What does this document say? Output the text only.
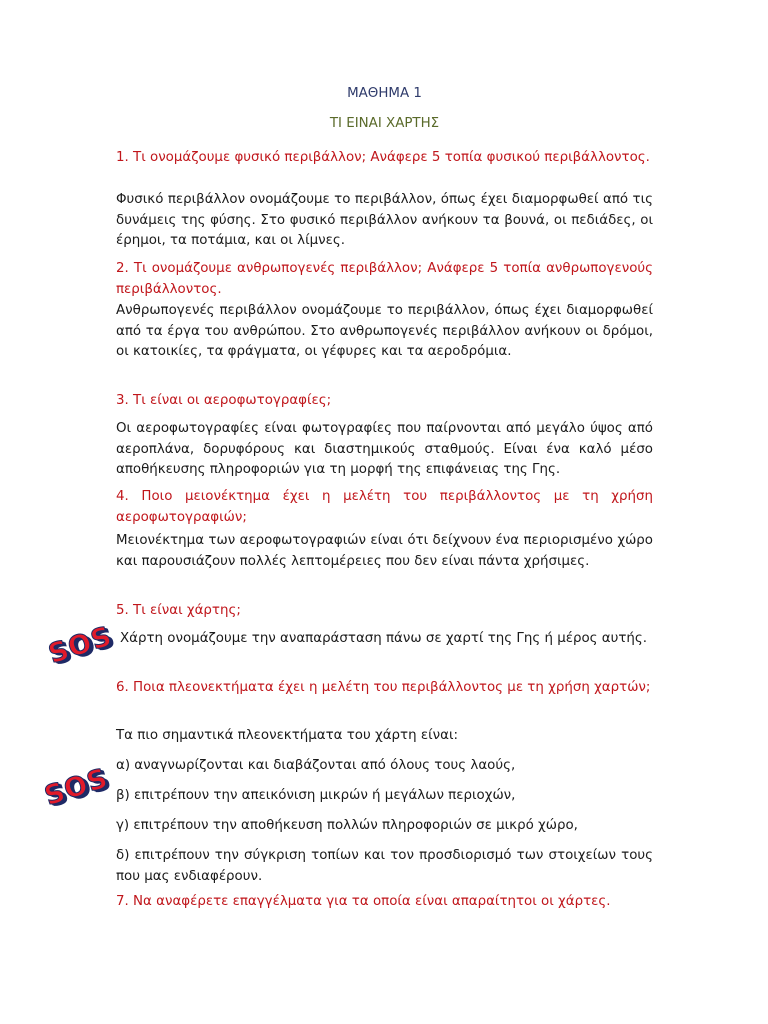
ΜΑΘΗΜΑ 1
ΤΙ ΕΙΝΑΙ ΧΑΡΤΗΣ
1. Τι ονομάζουμε φυσικό περιβάλλον; Ανάφερε 5 τοπία φυσικού περιβάλλοντος.
Φυσικό περιβάλλον ονομάζουμε το περιβάλλον, όπως έχει διαμορφωθεί από τις δυνάμεις της φύσης. Στο φυσικό περιβάλλον ανήκουν τα βουνά, οι πεδιάδες, οι έρημοι, τα ποτάμια, και οι λίμνες.
2. Τι ονομάζουμε ανθρωπογενές περιβάλλον; Ανάφερε 5 τοπία ανθρωπογενούς περιβάλλοντος.
Ανθρωπογενές περιβάλλον ονομάζουμε το περιβάλλον, όπως έχει διαμορφωθεί από τα έργα του ανθρώπου. Στο ανθρωπογενές περιβάλλον ανήκουν οι δρόμοι, οι κατοικίες, τα φράγματα, οι γέφυρες και τα αεροδρόμια.
3. Τι είναι οι αεροφωτογραφίες;
Οι αεροφωτογραφίες είναι φωτογραφίες που παίρνονται από μεγάλο ύψος από αεροπλάνα, δορυφόρους και διαστημικούς σταθμούς. Είναι ένα καλό μέσο αποθήκευσης πληροφοριών για τη μορφή της επιφάνειας της Γης.
4. Ποιο μειονέκτημα έχει η μελέτη του περιβάλλοντος με τη χρήση αεροφωτογραφιών;
Μειονέκτημα των αεροφωτογραφιών είναι ότι δείχνουν ένα περιορισμένο χώρο και παρουσιάζουν πολλές λεπτομέρειες που δεν είναι πάντα χρήσιμες.
5. Τι είναι χάρτης;
Χάρτη ονομάζουμε την αναπαράσταση πάνω σε χαρτί της Γης ή μέρος αυτής.
6. Ποια πλεονεκτήματα έχει η μελέτη του περιβάλλοντος με τη χρήση χαρτών;
Τα πιο σημαντικά πλεονεκτήματα του χάρτη είναι:
α) αναγνωρίζονται και διαβάζονται από όλους τους λαούς,
β) επιτρέπουν την απεικόνιση μικρών ή μεγάλων περιοχών,
γ) επιτρέπουν την αποθήκευση πολλών πληροφοριών σε μικρό χώρο,
δ) επιτρέπουν την σύγκριση τοπίων και τον προσδιορισμό των στοιχείων τους που μας ενδιαφέρουν.
7. Να αναφέρετε επαγγέλματα για τα οποία είναι απαραίτητοι οι χάρτες.
SOS
SOS
